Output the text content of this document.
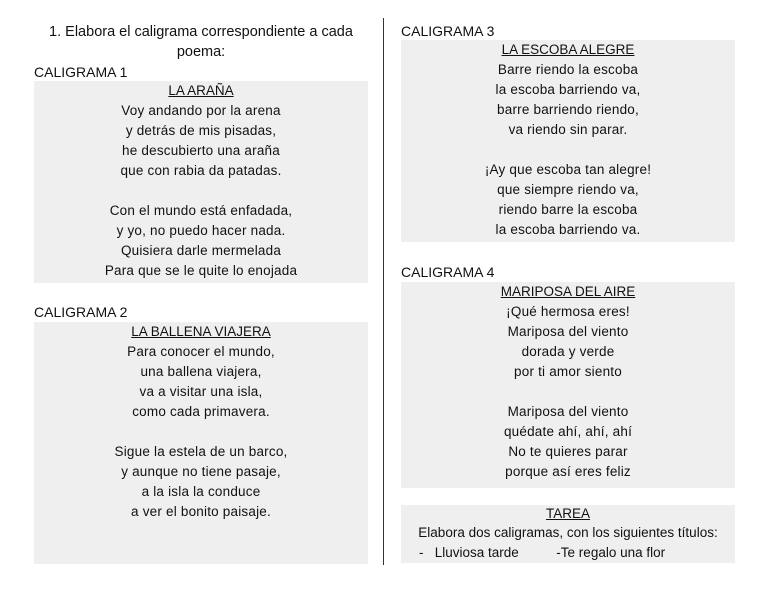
1. Elabora el caligrama correspondiente a cada poema:
CALIGRAMA 1
LA ARAÑA
Voy andando por la arena
y detrás de mis pisadas,
he descubierto una araña
que con rabia da patadas.
Con el mundo está enfadada,
y yo, no puedo hacer nada.
Quisiera darle mermelada
Para que se le quite lo enojada
CALIGRAMA 2
LA BALLENA VIAJERA
Para conocer el mundo,
una ballena viajera,
va a visitar una isla,
como cada primavera.
Sigue la estela de un barco,
y aunque no tiene pasaje,
a la isla la conduce
a ver el bonito paisaje.
CALIGRAMA 3
LA ESCOBA ALEGRE
Barre riendo la escoba
la escoba barriendo va,
barre barriendo riendo,
va riendo sin parar.
¡Ay que escoba tan alegre!
que siempre riendo va,
riendo barre la escoba
la escoba barriendo va.
CALIGRAMA 4
MARIPOSA DEL AIRE
¡Qué hermosa eres!
Mariposa del viento
dorada y verde
por ti amor siento
Mariposa del viento
quédate ahí, ahí, ahí
No te quieres parar
porque así eres feliz
TAREA
Elabora dos caligramas, con los siguientes títulos:
-   Lluviosa tarde          -Te regalo una flor
